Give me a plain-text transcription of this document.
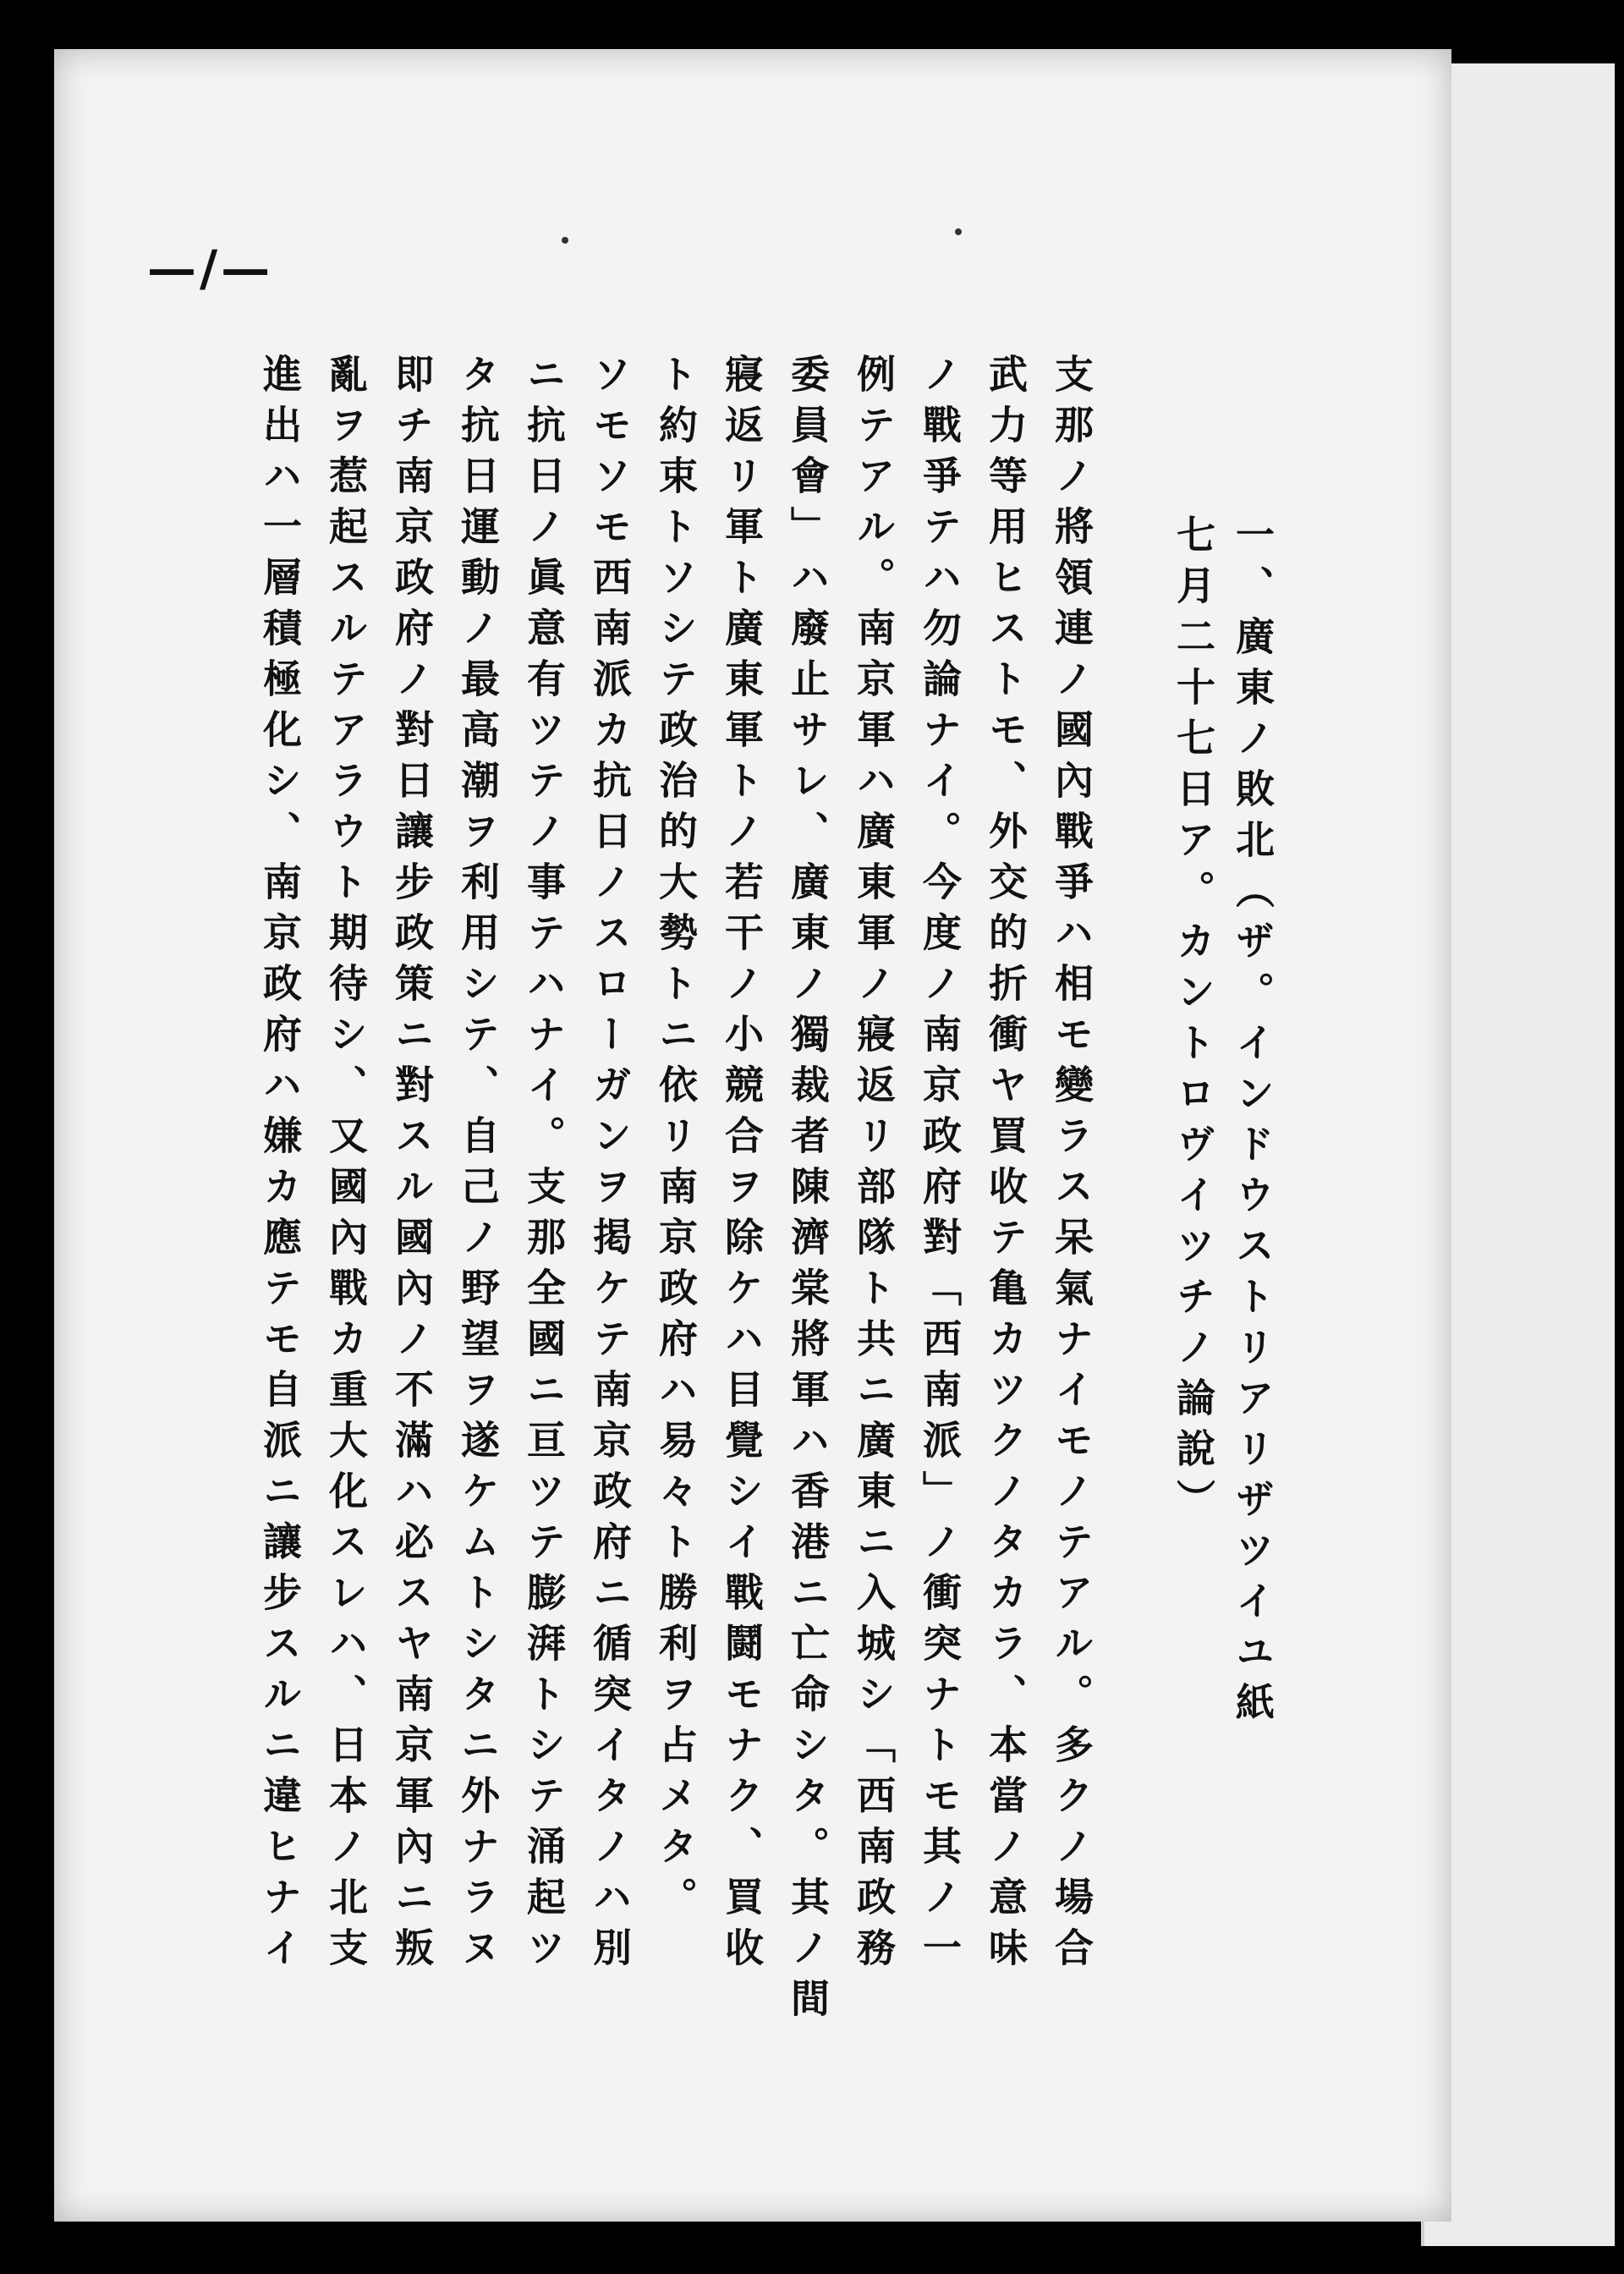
—/—

一、廣東ノ敗北（ザ。インドウストリアリザツイユ紙

七月二十七日ア。カントロヴイツチノ論說）

支那ノ將領連ノ國內戰爭ハ相モ變ラス呆氣ナイモノテアル。多クノ場合

武力等用ヒストモ、外交的折衝ヤ買收テ亀カツクノタカラ、本當ノ意味

ノ戰爭テハ勿論ナイ。今度ノ南京政府對「西南派」ノ衝突ナトモ其ノ一

例テアル。南京軍ハ廣東軍ノ寢返リ部隊ト共ニ廣東ニ入城シ「西南政務

委員會」ハ廢止サレ、廣東ノ獨裁者陳濟棠將軍ハ香港ニ亡命シタ。其ノ間

寢返リ軍ト廣東軍トノ若干ノ小競合ヲ除ケハ目覺シイ戰鬪モナク、買收

ト約束トソシテ政治的大勢トニ依リ南京政府ハ易々ト勝利ヲ占メタ。

ソモソモ西南派カ抗日ノスローガンヲ掲ケテ南京政府ニ循突イタノハ別

ニ抗日ノ眞意有ツテノ事テハナイ。支那全國ニ亘ツテ膨湃トシテ涌起ツ

タ抗日運動ノ最高潮ヲ利用シテ、自己ノ野望ヲ遂ケムトシタニ外ナラヌ

即チ南京政府ノ對日讓步政策ニ對スル國內ノ不滿ハ必スヤ南京軍內ニ叛

亂ヲ惹起スルテアラウト期待シ、又國內戰カ重大化スレハ、日本ノ北支

進出ハ一層積極化シ、南京政府ハ嫌カ應テモ自派ニ讓步スルニ違ヒナイ
